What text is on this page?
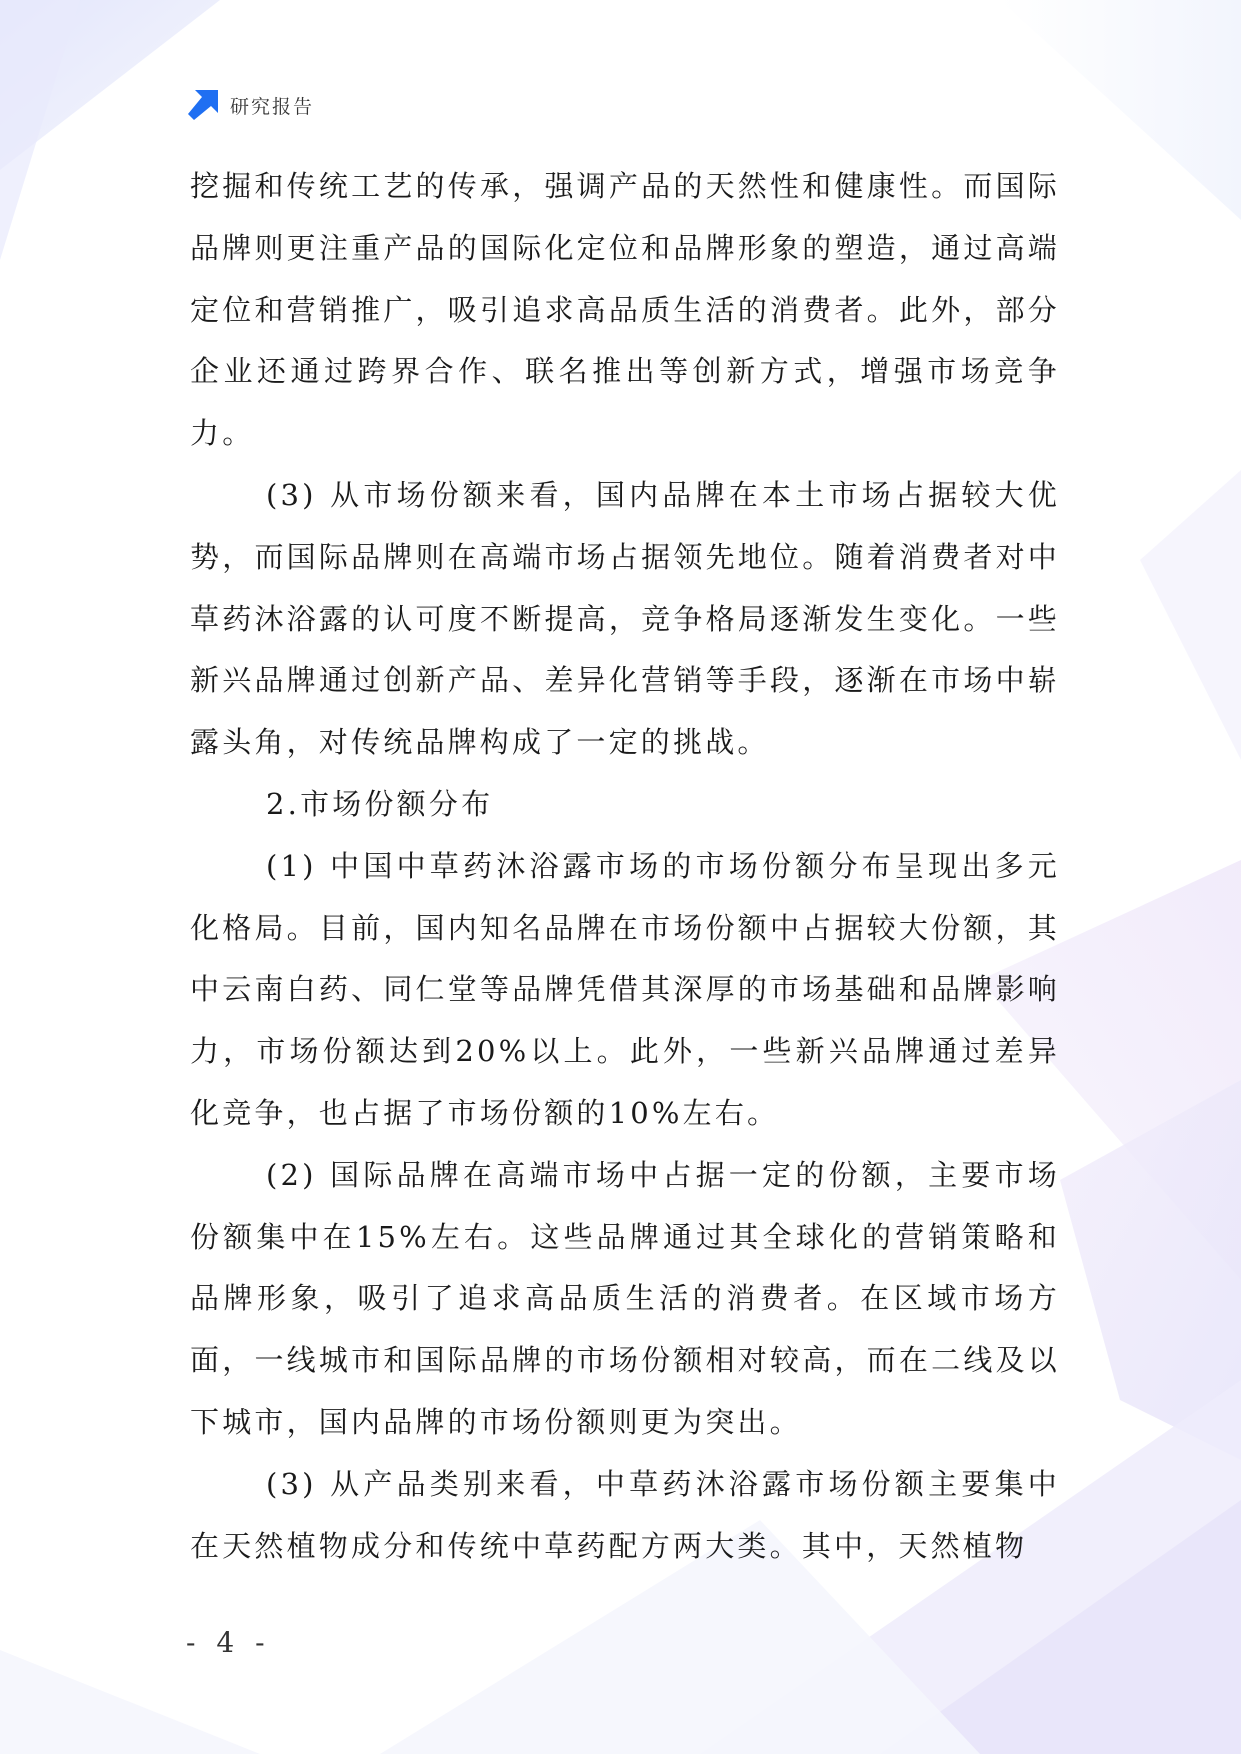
研究报告

挖掘和传统工艺的传承，强调产品的天然性和健康性。而国际品牌则更注重产品的国际化定位和品牌形象的塑造，通过高端定位和营销推广，吸引追求高品质生活的消费者。此外，部分企业还通过跨界合作、联名推出等创新方式，增强市场竞争力。

(3) 从市场份额来看，国内品牌在本土市场占据较大优势，而国际品牌则在高端市场占据领先地位。随着消费者对中草药沐浴露的认可度不断提高，竞争格局逐渐发生变化。一些新兴品牌通过创新产品、差异化营销等手段，逐渐在市场中崭露头角，对传统品牌构成了一定的挑战。

2.市场份额分布

(1) 中国中草药沐浴露市场的市场份额分布呈现出多元化格局。目前，国内知名品牌在市场份额中占据较大份额，其中云南白药、同仁堂等品牌凭借其深厚的市场基础和品牌影响力，市场份额达到20%以上。此外，一些新兴品牌通过差异化竞争，也占据了市场份额的10%左右。

(2) 国际品牌在高端市场中占据一定的份额，主要市场份额集中在15%左右。这些品牌通过其全球化的营销策略和品牌形象，吸引了追求高品质生活的消费者。在区域市场方面，一线城市和国际品牌的市场份额相对较高，而在二线及以下城市，国内品牌的市场份额则更为突出。

(3) 从产品类别来看，中草药沐浴露市场份额主要集中在天然植物成分和传统中草药配方两大类。其中，天然植物

- 4 -
